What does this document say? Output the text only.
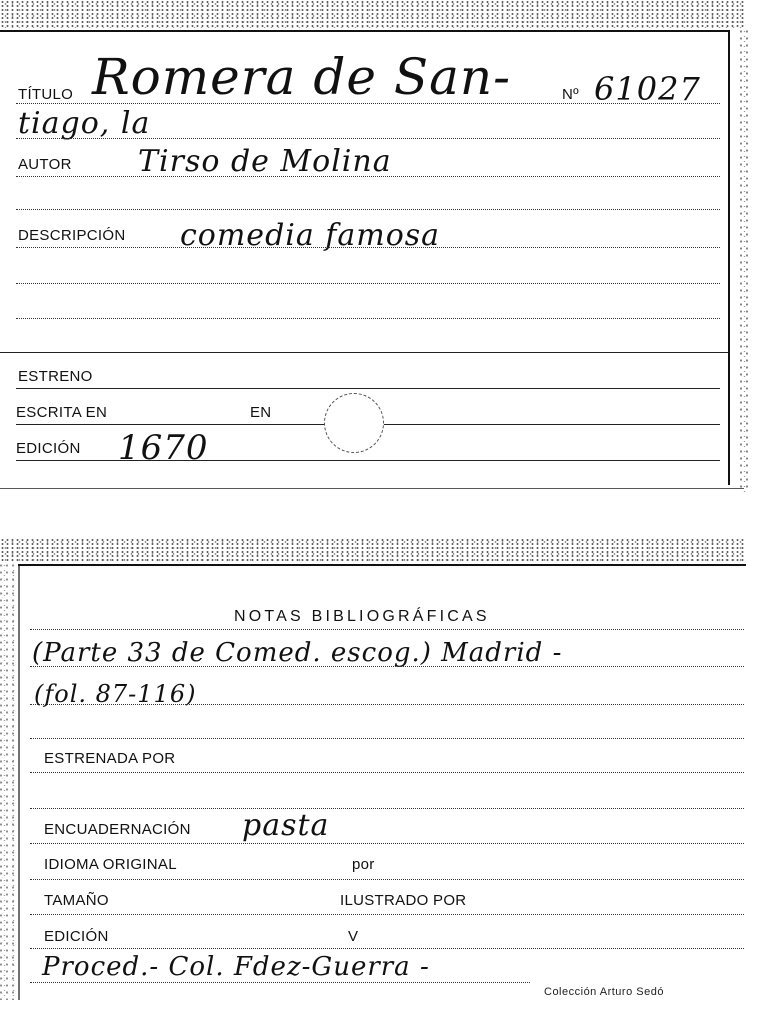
TÍTULO Romera de San-	Nº 61027
tiago, la
AUTOR Tirso de Molina
DESCRIPCIÓN comedia famosa
ESTRENO
ESCRITA EN	EN
EDICIÓN 1670
NOTAS BIBLIOGRÁFICAS
(Parte 33 de Comed. escog.) Madrid -
(fol. 87-116)
ESTRENADA POR
ENCUADERNACIÓN pasta
IDIOMA ORIGINAL	por
TAMAÑO	ILUSTRADO POR
EDICIÓN	V
Proced.- Col. Fdez-Guerra -
Colección Arturo Sedó
